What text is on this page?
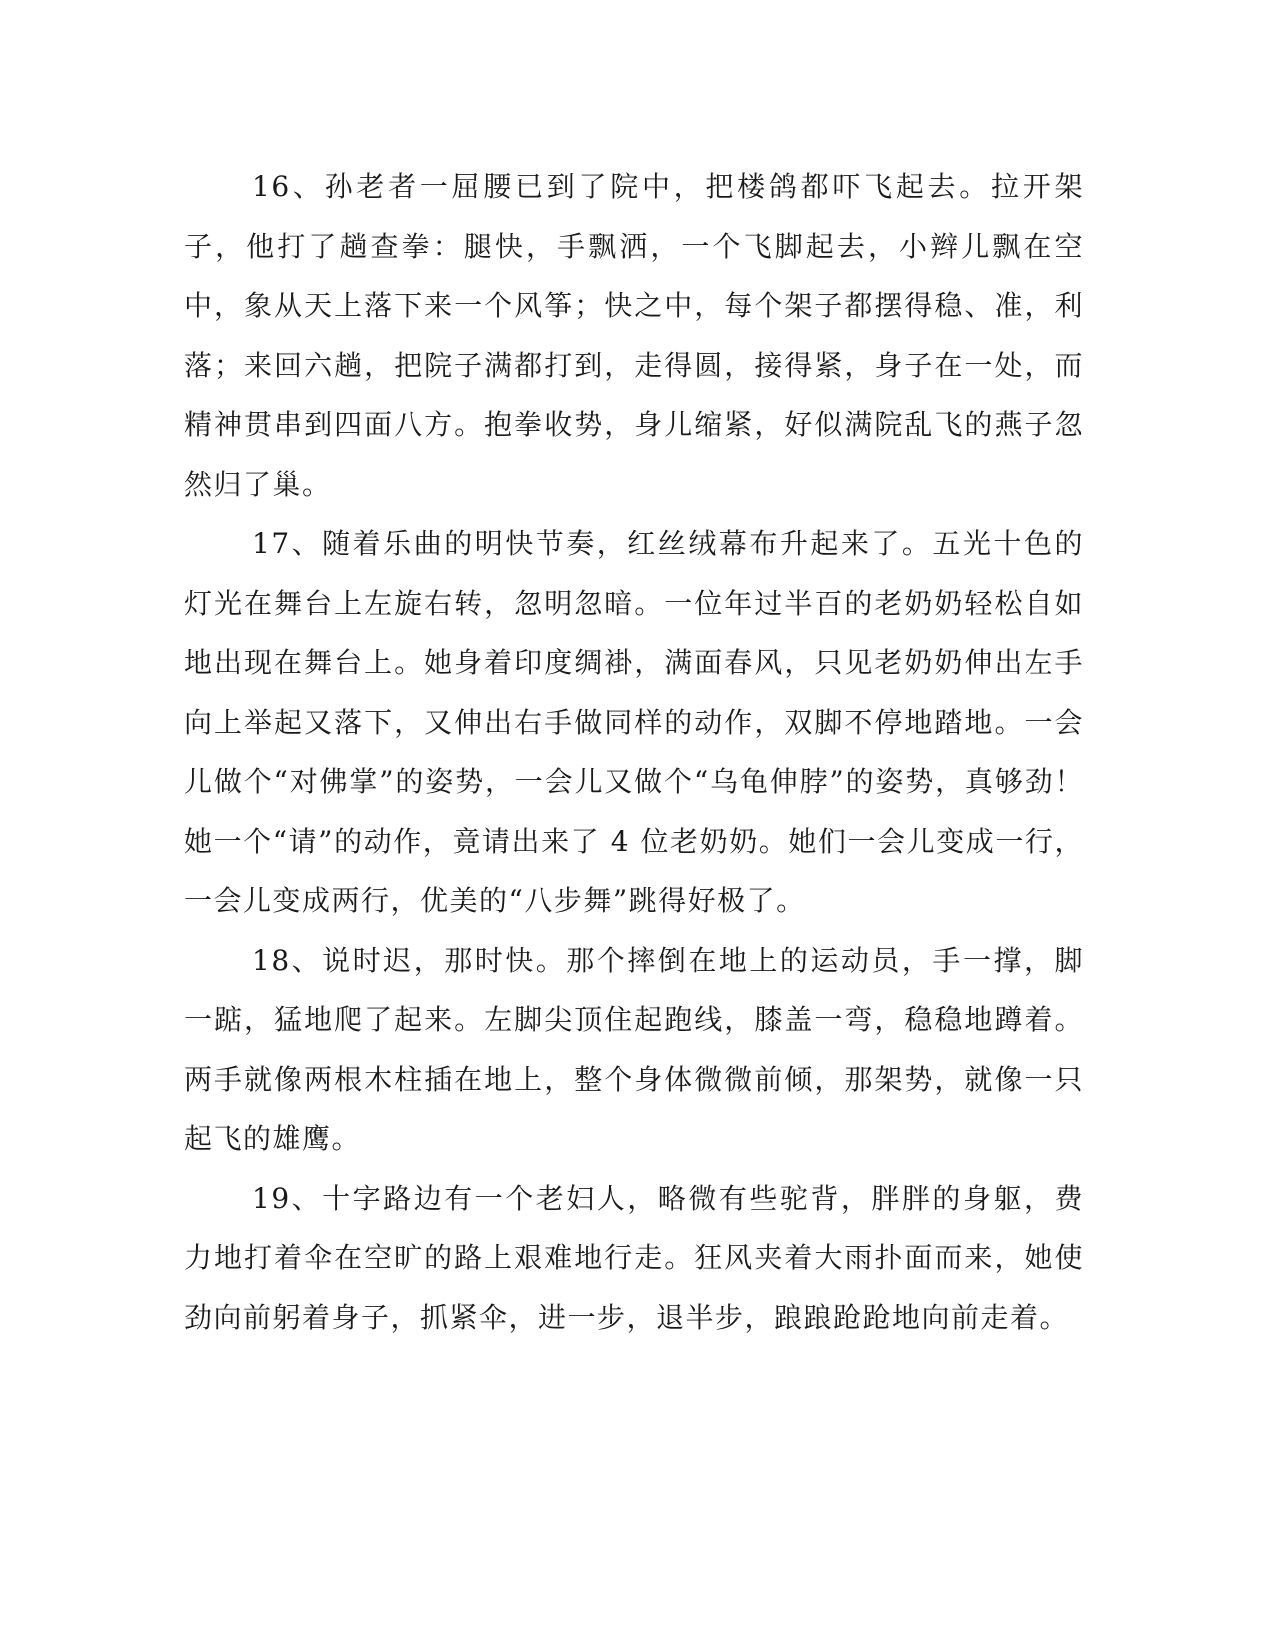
16、孙老者一屈腰已到了院中，把楼鸽都吓飞起去。拉开架子，他打了趟查拳：腿快，手飘洒，一个飞脚起去，小辫儿飘在空中，象从天上落下来一个风筝；快之中，每个架子都摆得稳、准，利落；来回六趟，把院子满都打到，走得圆，接得紧，身子在一处，而精神贯串到四面八方。抱拳收势，身儿缩紧，好似满院乱飞的燕子忽然归了巢。

17、随着乐曲的明快节奏，红丝绒幕布升起来了。五光十色的灯光在舞台上左旋右转，忽明忽暗。一位年过半百的老奶奶轻松自如地出现在舞台上。她身着印度绸褂，满面春风，只见老奶奶伸出左手向上举起又落下，又伸出右手做同样的动作，双脚不停地踏地。一会儿做个“对佛掌”的姿势，一会儿又做个“乌龟伸脖”的姿势，真够劲！她一个“请”的动作，竟请出来了 4 位老奶奶。她们一会儿变成一行，一会儿变成两行，优美的“八步舞”跳得好极了。

18、说时迟，那时快。那个摔倒在地上的运动员，手一撑，脚一踮，猛地爬了起来。左脚尖顶住起跑线，膝盖一弯，稳稳地蹲着。两手就像两根木柱插在地上，整个身体微微前倾，那架势，就像一只起飞的雄鹰。

19、十字路边有一个老妇人，略微有些驼背，胖胖的身躯，费力地打着伞在空旷的路上艰难地行走。狂风夹着大雨扑面而来，她使劲向前躬着身子，抓紧伞，进一步，退半步，踉踉跄跄地向前走着。
